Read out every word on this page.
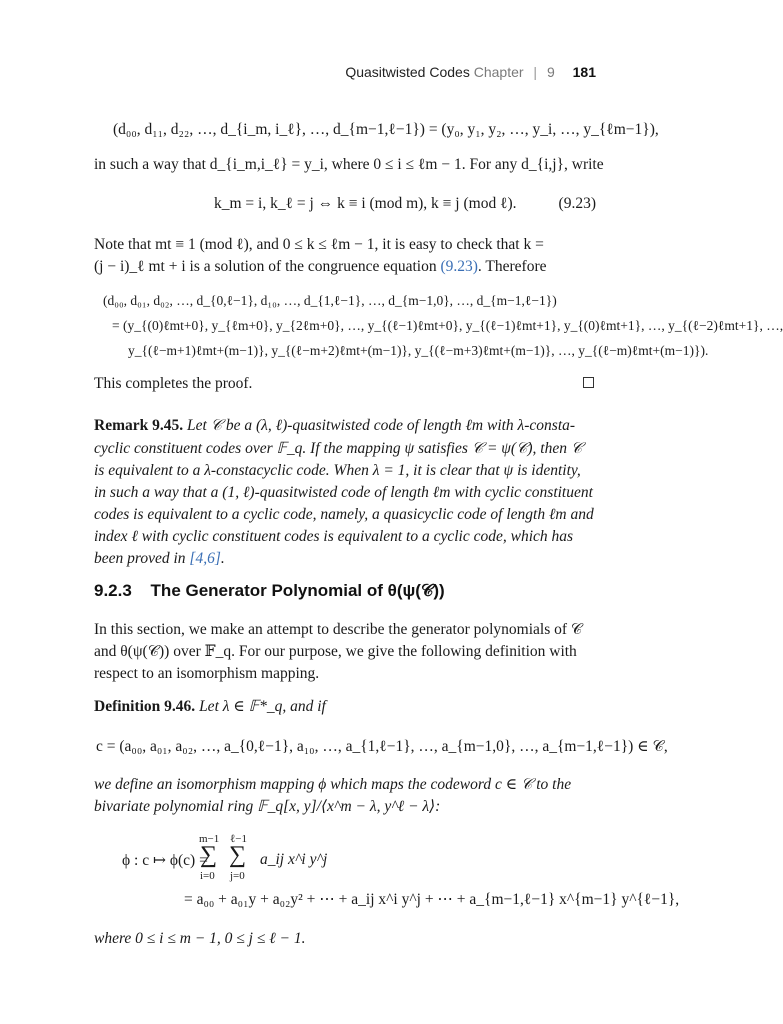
Quasitwisted Codes Chapter | 9 181
(d₀₀, d₁₁, d₂₂, …, d_{i_m, i_ℓ}, …, d_{m−1,ℓ−1}) = (y₀, y₁, y₂, …, y_i, …, y_{ℓm−1}),
in such a way that d_{i_m,i_ℓ} = y_i, where 0 ≤ i ≤ ℓm − 1. For any d_{i,j}, write
k_m = i, k_ℓ = j ⇔ k ≡ i (mod m), k ≡ j (mod ℓ).	(9.23)
Note that mt ≡ 1 (mod ℓ), and 0 ≤ k ≤ ℓm − 1, it is easy to check that k =
(j − i)_ℓ mt + i is a solution of the congruence equation (9.23). Therefore
(d₀₀, d₀₁, d₀₂, …, d_{0,ℓ−1}, d₁₀, …, d_{1,ℓ−1}, …, d_{m−1,0}, …, d_{m−1,ℓ−1})
= (y_{(0)ℓmt+0}, y_{ℓm+0}, y_{2ℓm+0}, …, y_{(ℓ−1)ℓmt+0}, y_{(ℓ−1)ℓmt+1}, y_{(0)ℓmt+1}, …, y_{(ℓ−2)ℓmt+1}, …,
y_{(ℓ−m+1)ℓmt+(m−1)}, y_{(ℓ−m+2)ℓmt+(m−1)}, y_{(ℓ−m+3)ℓmt+(m−1)}, …, y_{(ℓ−m)ℓmt+(m−1)}).
This completes the proof.
Remark 9.45. Let 𝒞 be a (λ, ℓ)-quasitwisted code of length ℓm with λ-consta-
cyclic constituent codes over 𝔽_q. If the mapping ψ satisfies 𝒞 = ψ(𝒞), then 𝒞
is equivalent to a λ-constacyclic code. When λ = 1, it is clear that ψ is identity,
in such a way that a (1, ℓ)-quasitwisted code of length ℓm with cyclic constituent
codes is equivalent to a cyclic code, namely, a quasicyclic code of length ℓm and
index ℓ with cyclic constituent codes is equivalent to a cyclic code, which has
been proved in [4,6].
9.2.3 The Generator Polynomial of θ(ψ(𝒞))
In this section, we make an attempt to describe the generator polynomials of 𝒞
and θ(ψ(𝒞)) over 𝔽_q. For our purpose, we give the following definition with
respect to an isomorphism mapping.
Definition 9.46. Let λ ∈ 𝔽*_q, and if
c = (a₀₀, a₀₁, a₀₂, …, a_{0,ℓ−1}, a₁₀, …, a_{1,ℓ−1}, …, a_{m−1,0}, …, a_{m−1,ℓ−1}) ∈ 𝒞,
we define an isomorphism mapping ϕ which maps the codeword c ∈ 𝒞 to the
bivariate polynomial ring 𝔽_q[x, y]/⟨x^m − λ, y^ℓ − λ⟩:
ϕ : c ↦ ϕ(c) =
m−1 ℓ−1
∑ ∑
i=0 j=0
a_ij x^i y^j
= a₀₀ + a₀₁y + a₀₂y² + ⋯ + a_ij x^i y^j + ⋯ + a_{m−1,ℓ−1} x^{m−1} y^{ℓ−1},
where 0 ≤ i ≤ m − 1, 0 ≤ j ≤ ℓ − 1.
